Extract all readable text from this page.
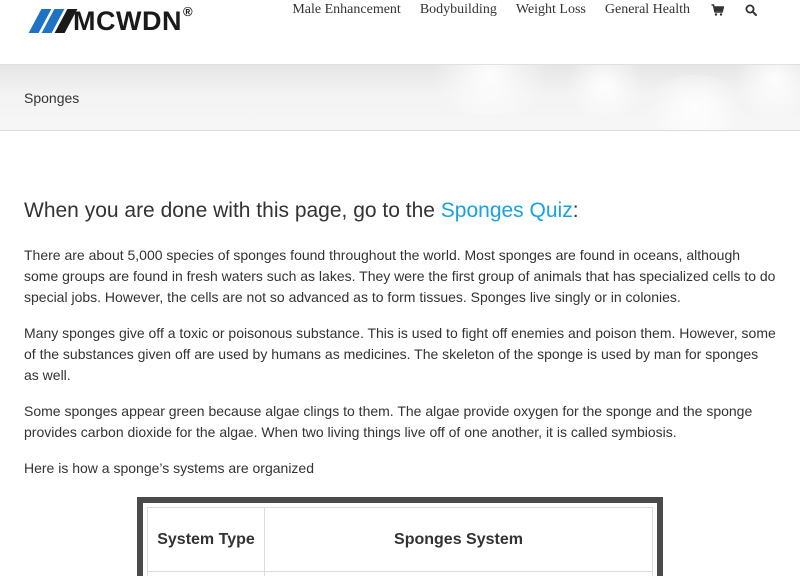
MCWDN ®	Male Enhancement Bodybuilding Weight Loss General Health
Sponges

When you are done with this page, go to the Sponges Quiz:

There are about 5,000 species of sponges found throughout the world. Most sponges are found in oceans, although some groups are found in fresh waters such as lakes. They were the first group of animals that has specialized cells to do special jobs. However, the cells are not so advanced as to form tissues. Sponges live singly or in colonies.

Many sponges give off a toxic or poisonous substance. This is used to fight off enemies and poison them. However, some of the substances given off are used by humans as medicines. The skeleton of the sponge is used by man for sponges as well.

Some sponges appear green because algae clings to them. The algae provide oxygen for the sponge and the sponge provides carbon dioxide for the algae. When two living things live off of one another, it is called symbiosis.

Here is how a sponge’s systems are organized

System Type	Sponges System
